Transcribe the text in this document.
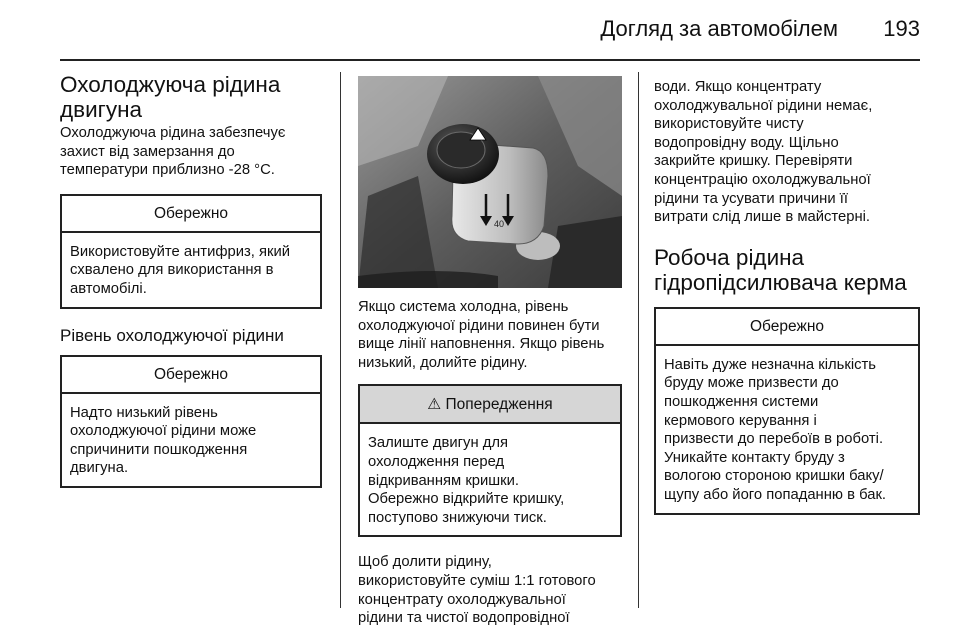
Догляд за автомобілем 193
Охолоджуюча рідина
двигуна

Охолоджуюча рідина забезпечує
захист від замерзання до
температури приблизно -28 °C.

Обережно
Використовуйте антифриз, який
схвалено для використання в
автомобілі.
Рівень охолоджуючої рідини
Обережно
Надто низький рівень
охолоджуючої рідини може
спричинити пошкодження
двигуна.
40

Якщо система холодна, рівень
охолоджуючої рідини повинен бути
вище лінії наповнення. Якщо рівень
низький, долийте рідину.

⚠ Попередження
Залиште двигун для
охолодження перед
відкриванням кришки.
Обережно відкрийте кришку,
поступово знижуючи тиск.

Щоб долити рідину,
використовуйте суміш 1:1 готового
концентрату охолоджувальної
рідини та чистої водопровідної

води. Якщо концентрату
охолоджувальної рідини немає,
використовуйте чисту
водопровідну воду. Щільно
закрийте кришку. Перевіряти
концентрацію охолоджувальної
рідини та усувати причини її
витрати слід лише в майстерні.

Робоча рідина
гідропідсилювача керма
Обережно
Навіть дуже незначна кількість
бруду може призвести до
пошкодження системи
кермового керування і
призвести до перебоїв в роботі.
Уникайте контакту бруду з
вологою стороною кришки баку/
щупу або його попаданню в бак.
